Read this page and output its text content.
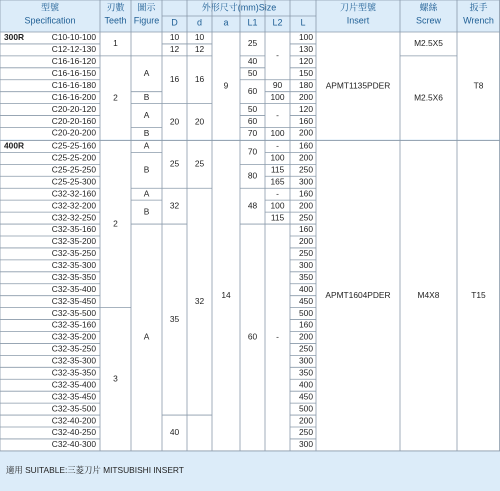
型號
Specification
刃數
Teeth
圖示
Figure
外形尺寸(mm)Size
D d a L1 L2 L
刀片型號
Insert
螺絲
Screw
扳手
Wrench
300R	C10-10-100
C12-12-130
C16-16-120
C16-16-150
C16-16-180
C16-16-200
C20-20-120
C20-20-160
C20-20-200
400R	C25-25-160
C25-25-200
C25-25-250
C25-25-300
C32-32-160
C32-32-200
C32-32-250
C32-35-160
C32-35-200
C32-35-250
C32-35-300
C32-35-350
C32-35-400
C32-35-450
C32-35-500
C32-35-160
C32-35-200
C32-35-250
C32-35-300
C32-35-350
C32-35-400
C32-35-450
C32-35-500
C32-40-200
C32-40-250
C32-40-300
1
2
2
3
A
B
A
B
A
B
A
B
A
10
12
16
20
25
32
35
40
10
12
16
20
25
32
9
14
25
40
50
60
50
60
70
70
80
48
60
-
90
100
-
100
-
100
115
165
-
100
115
-
APMT1135PDER
APMT1604PDER
M2.5X5
M2.5X6
M4X8
T8
T15
100
130
120
150
180
200
120
160
200
160
200
250
300
160
200
250
160
200
250
300
350
400
450
500
160
200
250
300
350
400
450
500
200
250
300
適用 SUITABLE:三菱刀片 MITSUBISHI INSERT
